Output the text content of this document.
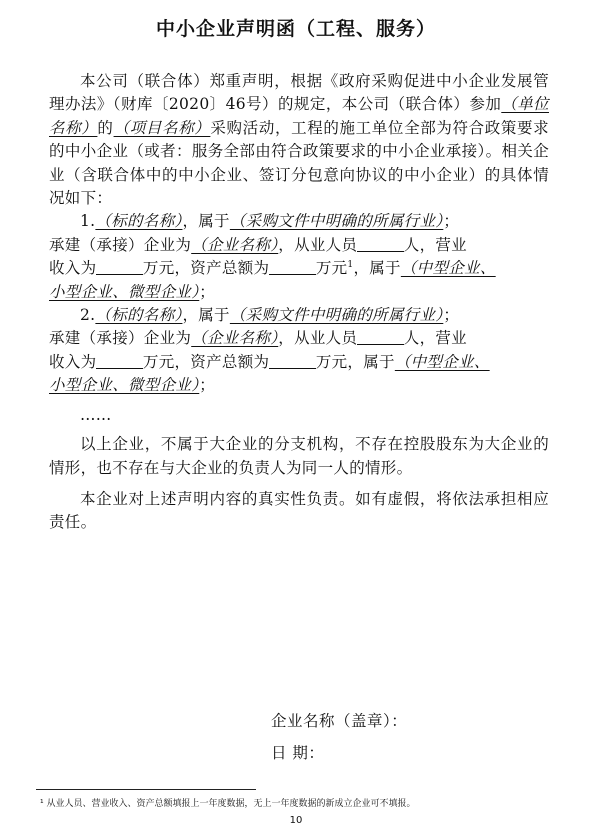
中小企业声明函（工程、服务）

本公司（联合体）郑重声明，根据《政府采购促进中小企业发展管理办法》（财库〔2020〕46号）的规定，本公司（联合体）参加（单位名称）的（项目名称）采购活动，工程的施工单位全部为符合政策要求的中小企业（或者：服务全部由符合政策要求的中小企业承接）。相关企业（含联合体中的中小企业、签订分包意向协议的中小企业）的具体情况如下：

1.（标的名称），属于（采购文件中明确的所属行业）；

承建（承接）企业为（企业名称），从业人员	人，营业

收入为	万元，资产总额为	万元$^1$，属于（中型企业、

小型企业、微型企业）；

2.（标的名称），属于（采购文件中明确的所属行业）；

承建（承接）企业为（企业名称），从业人员	人，营业

收入为	万元，资产总额为	万元，属于（中型企业、

小型企业、微型企业）；

……

以上企业，不属于大企业的分支机构，不存在控股股东为大企业的情形，也不存在与大企业的负责人为同一人的情形。

本企业对上述声明内容的真实性负责。如有虚假，将依法承担相应责任。

企业名称（盖章）：
日 期：
¹ 从业人员、营业收入、资产总额填报上一年度数据，无上一年度数据的新成立企业可不填报。
10
